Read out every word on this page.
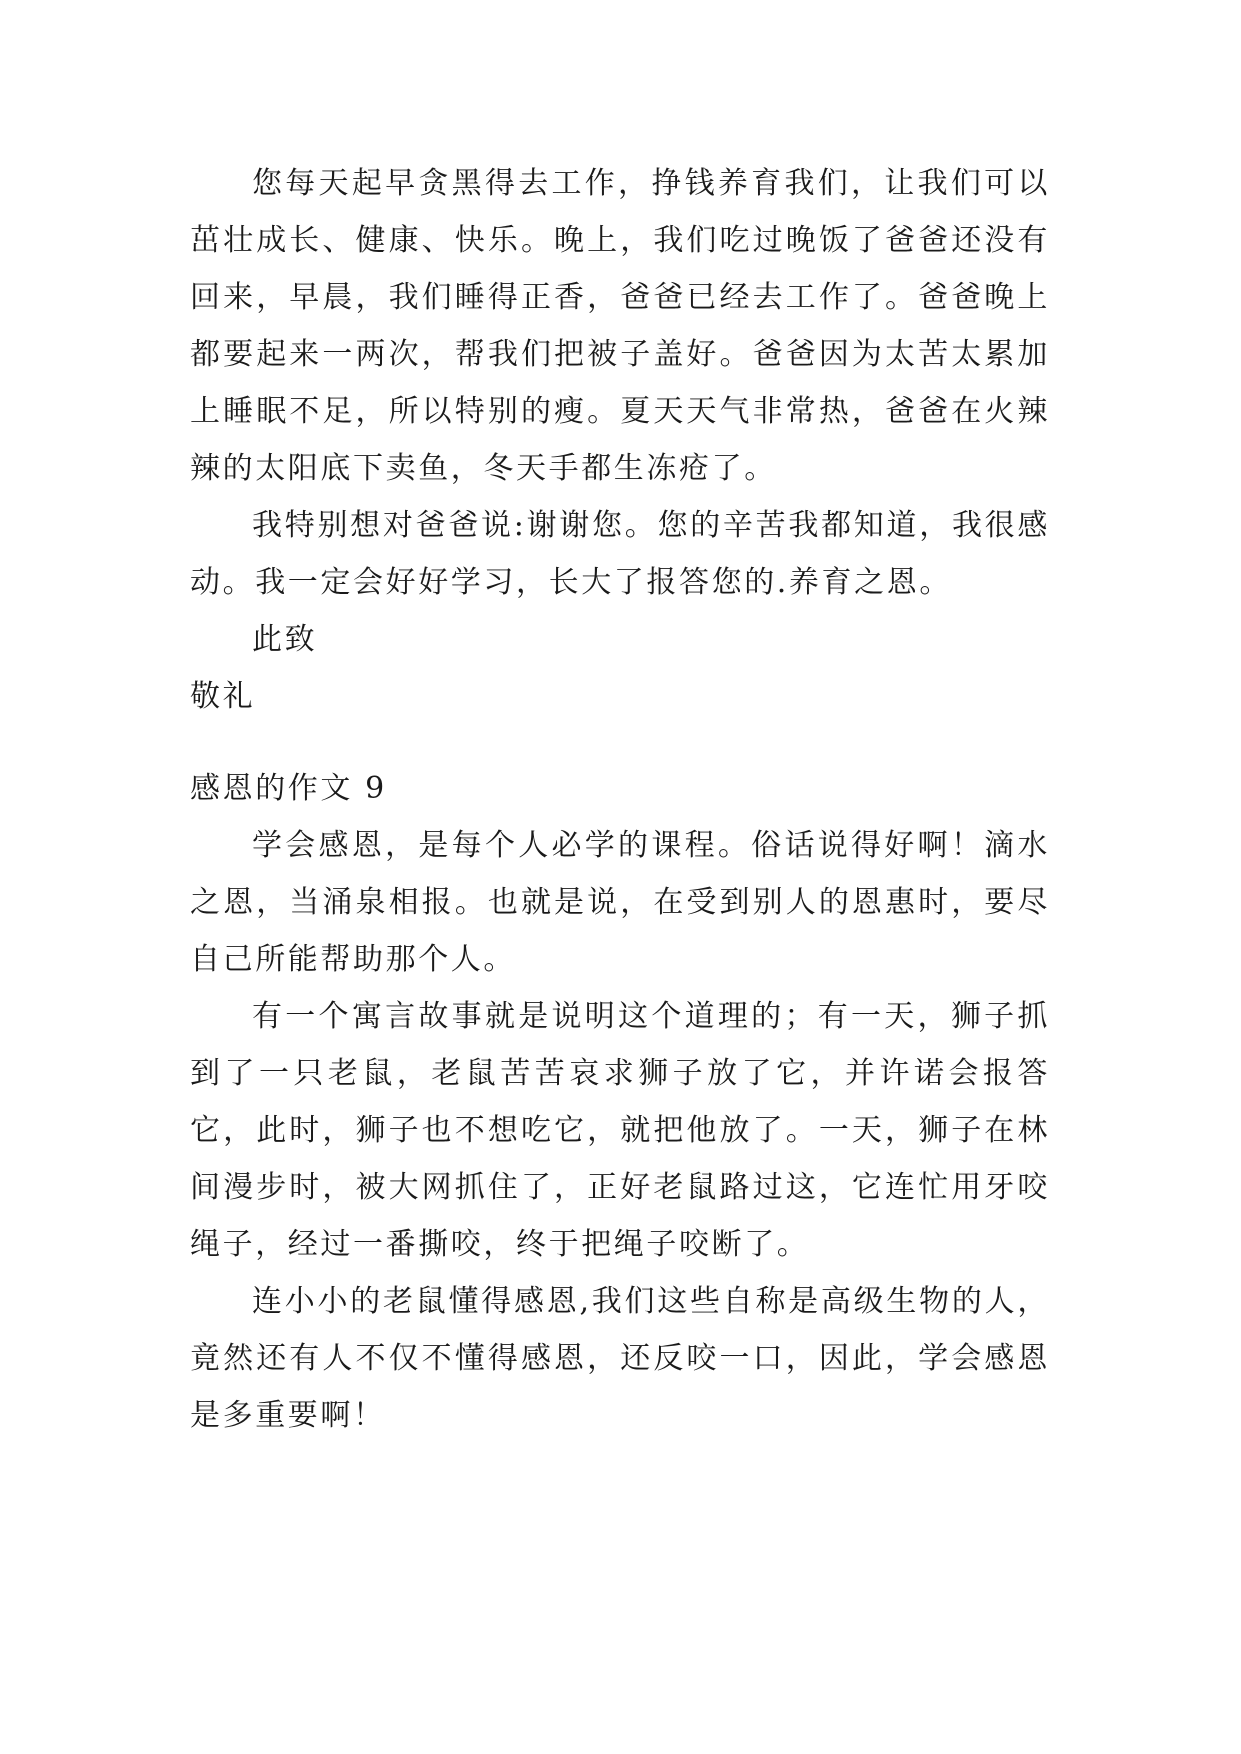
您每天起早贪黑得去工作，挣钱养育我们，让我们可以茁壮成长、健康、快乐。晚上，我们吃过晚饭了爸爸还没有回来，早晨，我们睡得正香，爸爸已经去工作了。爸爸晚上都要起来一两次，帮我们把被子盖好。爸爸因为太苦太累加上睡眠不足，所以特别的瘦。夏天天气非常热，爸爸在火辣辣的太阳底下卖鱼，冬天手都生冻疮了。

我特别想对爸爸说:谢谢您。您的辛苦我都知道，我很感动。我一定会好好学习，长大了报答您的.养育之恩。

此致

敬礼

感恩的作文 9

学会感恩，是每个人必学的课程。俗话说得好啊！滴水之恩，当涌泉相报。也就是说，在受到别人的恩惠时，要尽自己所能帮助那个人。

有一个寓言故事就是说明这个道理的；有一天，狮子抓到了一只老鼠，老鼠苦苦哀求狮子放了它，并许诺会报答它，此时，狮子也不想吃它，就把他放了。一天，狮子在林间漫步时，被大网抓住了，正好老鼠路过这，它连忙用牙咬绳子，经过一番撕咬，终于把绳子咬断了。

连小小的老鼠懂得感恩,我们这些自称是高级生物的人，竟然还有人不仅不懂得感恩，还反咬一口，因此，学会感恩是多重要啊！
